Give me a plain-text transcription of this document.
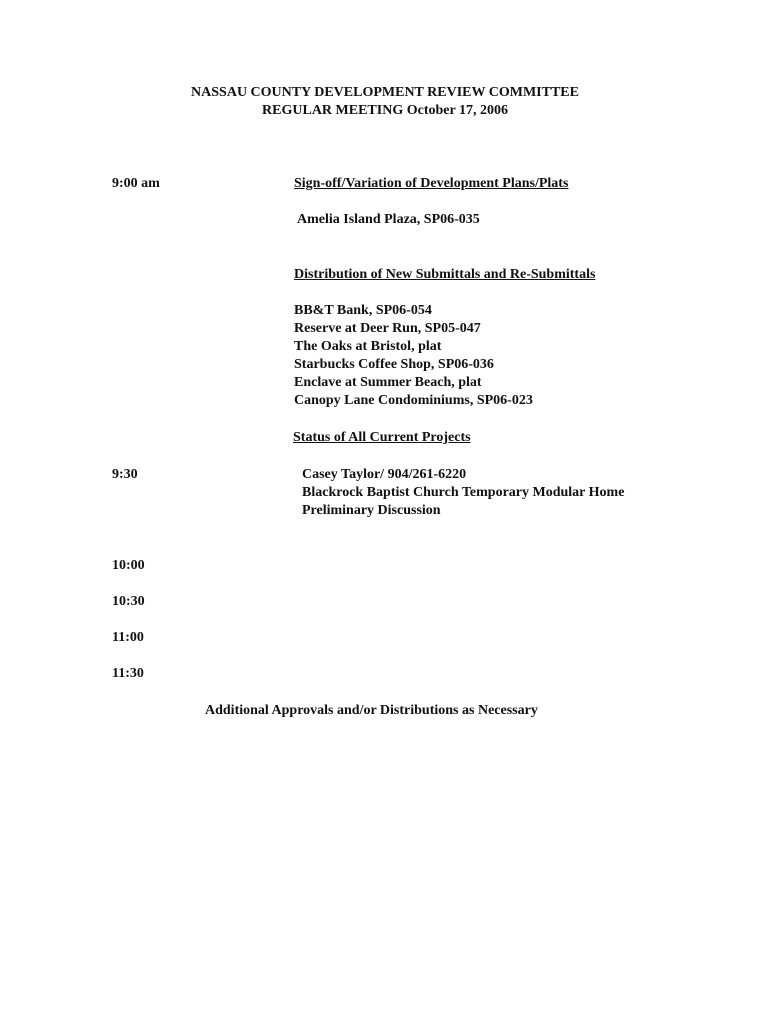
NASSAU COUNTY DEVELOPMENT REVIEW COMMITTEE
REGULAR MEETING October 17, 2006
9:00 am	Sign-off/Variation of Development Plans/Plats
Amelia Island Plaza, SP06-035
Distribution of New Submittals and Re-Submittals
BB&T Bank, SP06-054
Reserve at Deer Run, SP05-047
The Oaks at Bristol, plat
Starbucks Coffee Shop, SP06-036
Enclave at Summer Beach, plat
Canopy Lane Condominiums, SP06-023
Status of All Current Projects
9:30	Casey Taylor/ 904/261-6220
Blackrock Baptist Church Temporary Modular Home
Preliminary Discussion
10:00
10:30
11:00
11:30
Additional Approvals and/or Distributions as Necessary
